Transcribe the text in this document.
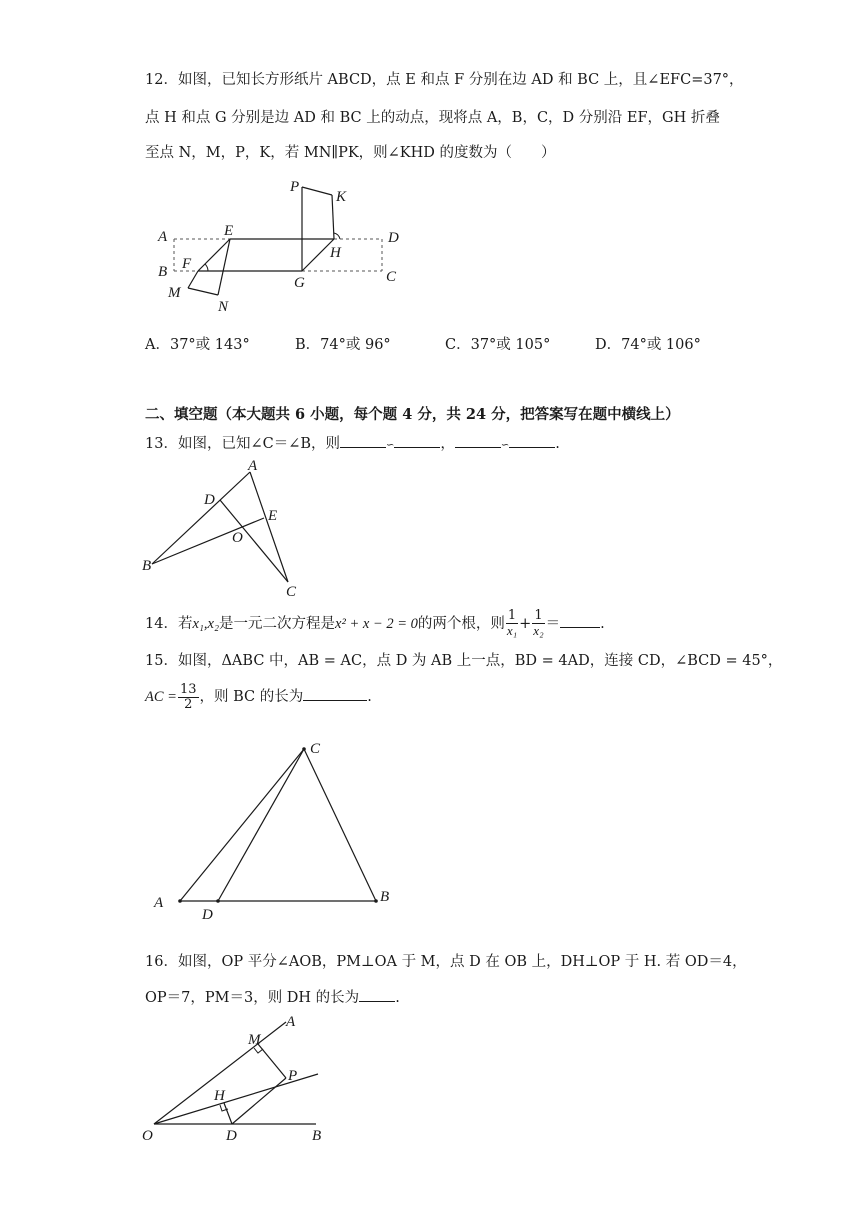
12．如图，已知长方形纸片 ABCD，点 E 和点 F 分别在边 AD 和 BC 上，且∠EFC=37°，
点 H 和点 G 分别是边 AD 和 BC 上的动点，现将点 A，B，C，D 分别沿 EF，GH 折叠
至点 N，M，P，K，若 MN∥PK，则∠KHD 的度数为（　　）
P
K
A	E	D
H
B F
C
M
G
N
A．37°或 143°	B．74°或 96°	C．37°或 105°	D．74°或 106°
二、填空题（本大题共 6 小题，每个题 4 分，共 24 分，把答案写在题中横线上）
13．如图，已知∠C＝∠B，则	∽	，	∽	.
A
D
E
O
B
C
14．若x₁,x₂是一元二次方程是x² + x − 2 = 0的两个根，则 $\frac{1}{\text{x₁}} + \frac{1}{\text{x₂}}$ ＝	.
15．如图，ΔABC 中，AB = AC，点 D 为 AB 上一点，BD = 4AD，连接 CD，∠BCD = 45°，
AC = $\frac{13}{2}$ ，则 BC 的长为	.
C
A
D
B
16．如图，OP 平分∠AOB，PM⊥OA 于 M，点 D 在 OB 上，DH⊥OP 于 H. 若 OD＝4，
OP＝7，PM＝3，则 DH 的长为 .
A
M
P
H
O	D	B
